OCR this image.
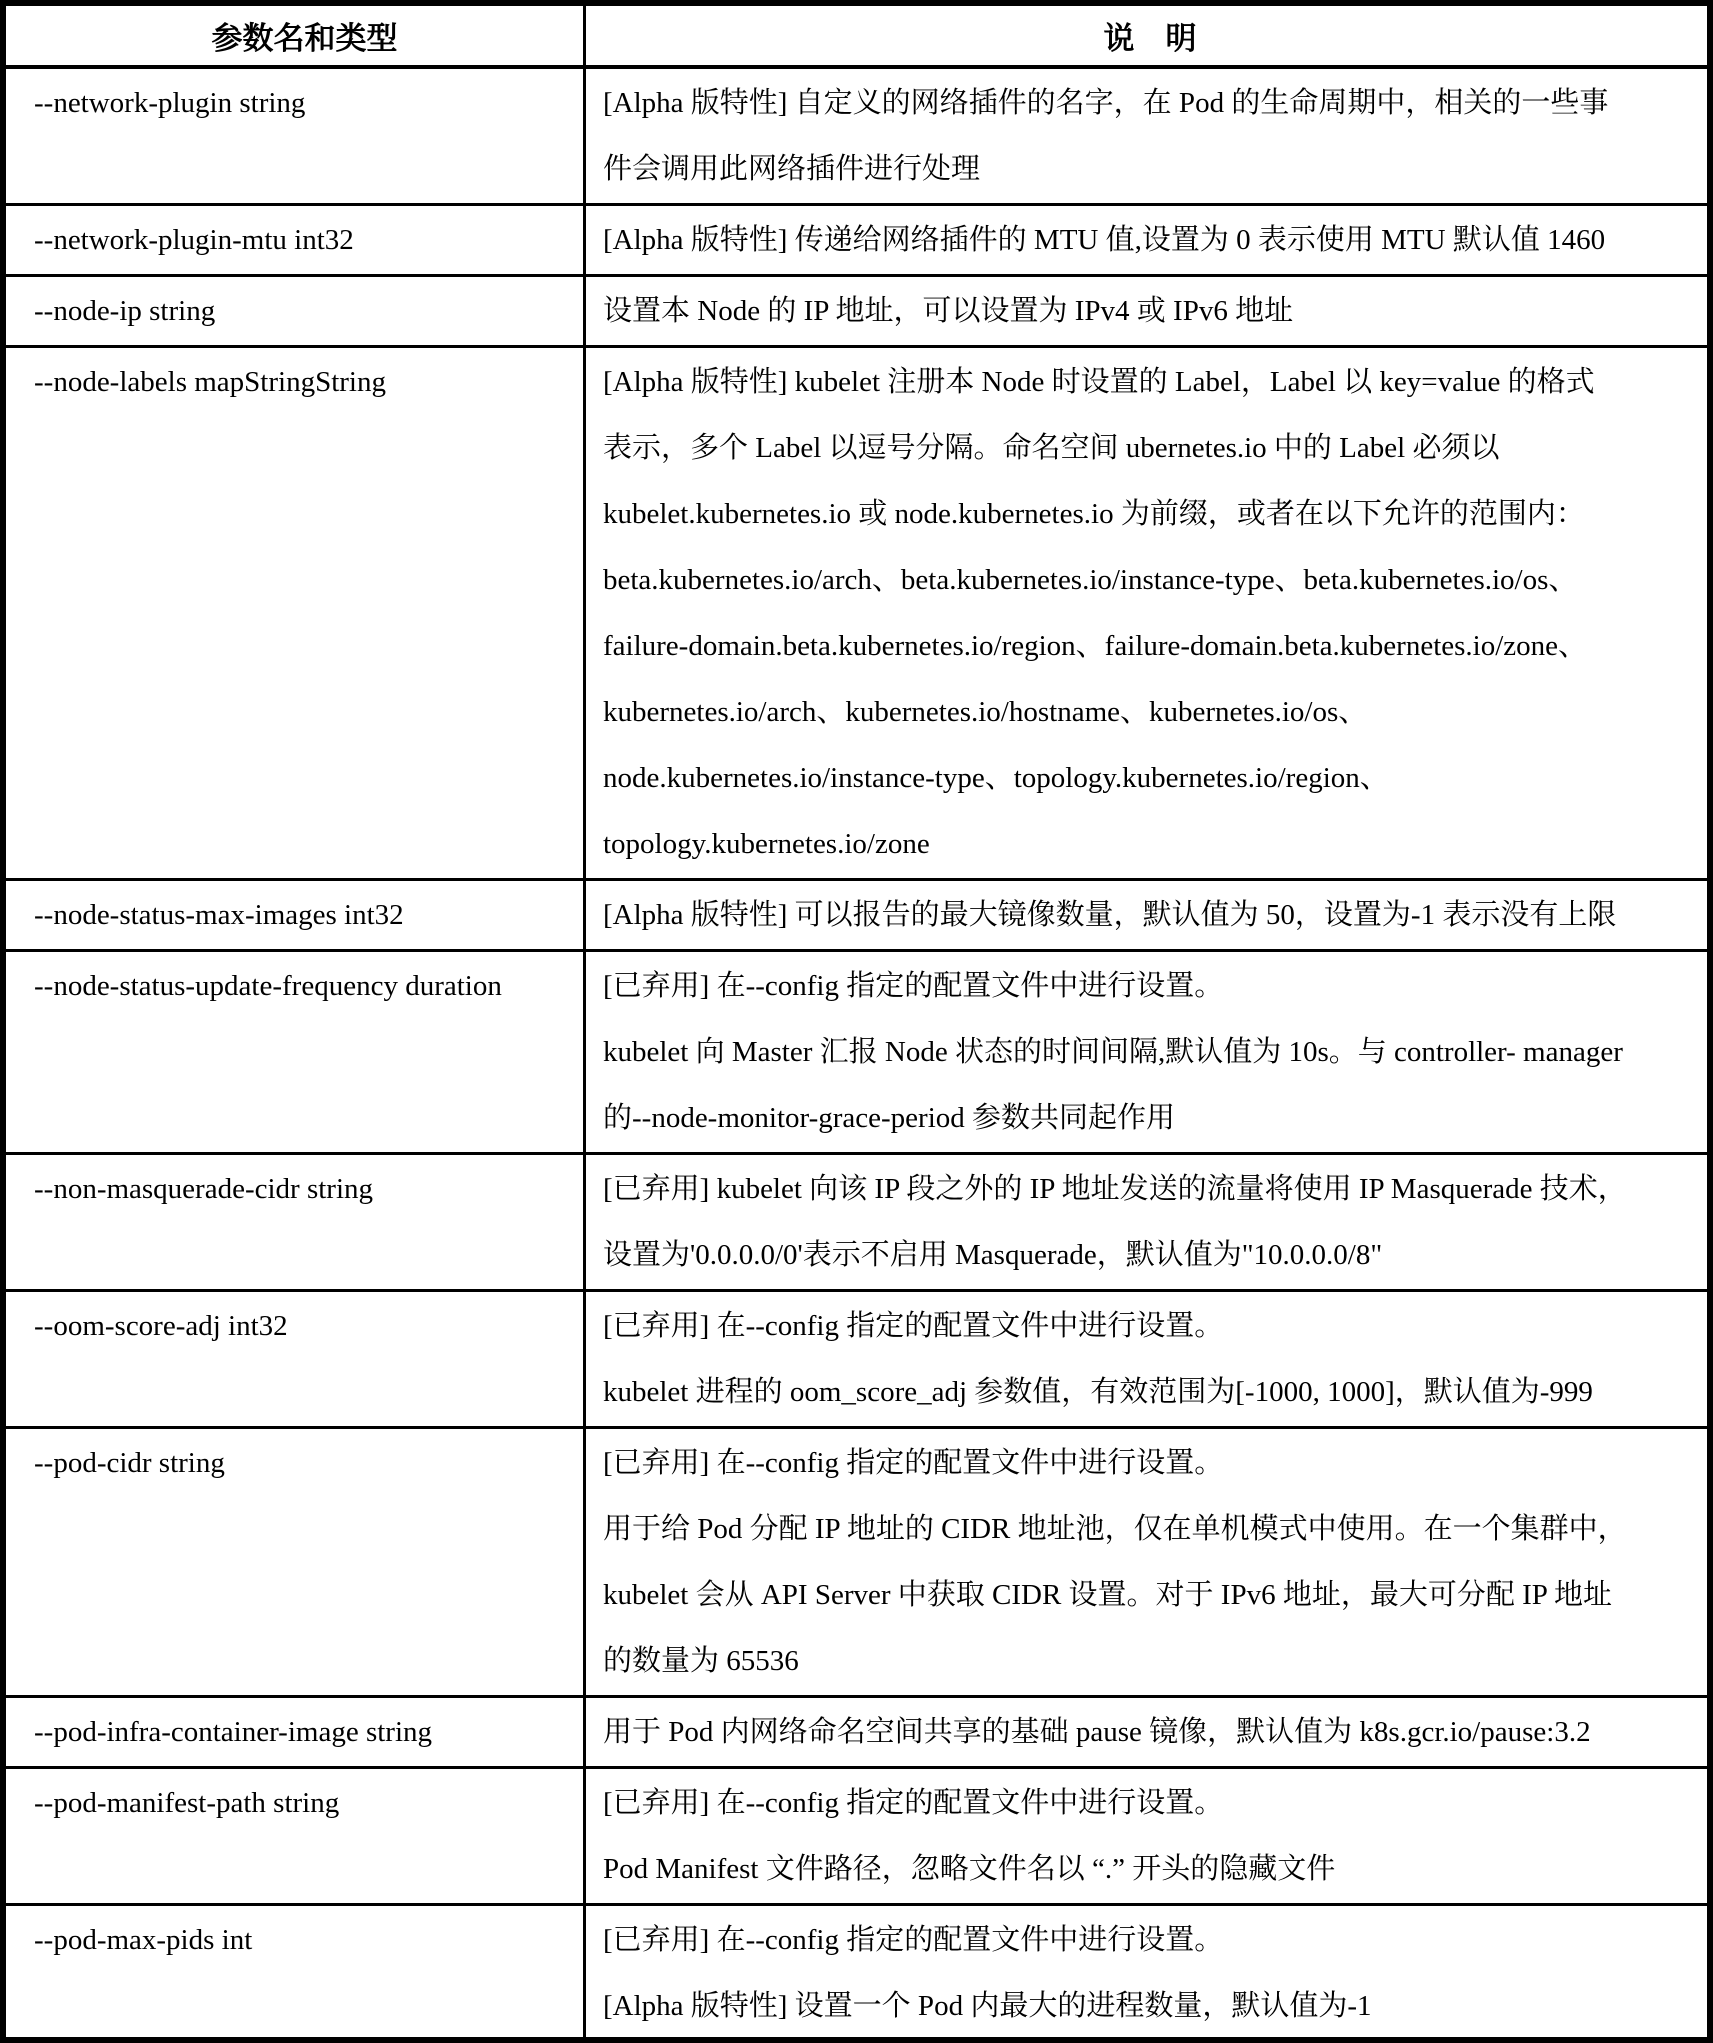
参数名和类型	说　明
--network-plugin string	[Alpha 版特性] 自定义的网络插件的名字，在 Pod 的生命周期中，相关的一些事
件会调用此网络插件进行处理
--network-plugin-mtu int32	[Alpha 版特性] 传递给网络插件的 MTU 值,设置为 0 表示使用 MTU 默认值 1460
--node-ip string	设置本 Node 的 IP 地址，可以设置为 IPv4 或 IPv6 地址
--node-labels mapStringString	[Alpha 版特性] kubelet 注册本 Node 时设置的 Label，Label 以 key=value 的格式
表示，多个 Label 以逗号分隔。命名空间 ubernetes.io 中的 Label 必须以
kubelet.kubernetes.io 或 node.kubernetes.io 为前缀，或者在以下允许的范围内：
beta.kubernetes.io/arch、beta.kubernetes.io/instance-type、beta.kubernetes.io/os、
failure-domain.beta.kubernetes.io/region、failure-domain.beta.kubernetes.io/zone、
kubernetes.io/arch、kubernetes.io/hostname、kubernetes.io/os、
node.kubernetes.io/instance-type、topology.kubernetes.io/region、
topology.kubernetes.io/zone
--node-status-max-images int32	[Alpha 版特性] 可以报告的最大镜像数量，默认值为 50，设置为-1 表示没有上限
--node-status-update-frequency duration	[已弃用] 在--config 指定的配置文件中进行设置。
kubelet 向 Master 汇报 Node 状态的时间间隔,默认值为 10s。与 controller- manager
的--node-monitor-grace-period 参数共同起作用
--non-masquerade-cidr string	[已弃用] kubelet 向该 IP 段之外的 IP 地址发送的流量将使用 IP Masquerade 技术，
设置为'0.0.0.0/0'表示不启用 Masquerade，默认值为"10.0.0.0/8"
--oom-score-adj int32	[已弃用] 在--config 指定的配置文件中进行设置。
kubelet 进程的 oom_score_adj 参数值，有效范围为[-1000, 1000]，默认值为-999
--pod-cidr string	[已弃用] 在--config 指定的配置文件中进行设置。
用于给 Pod 分配 IP 地址的 CIDR 地址池，仅在单机模式中使用。在一个集群中，
kubelet 会从 API Server 中获取 CIDR 设置。对于 IPv6 地址，最大可分配 IP 地址
的数量为 65536
--pod-infra-container-image string	用于 Pod 内网络命名空间共享的基础 pause 镜像，默认值为 k8s.gcr.io/pause:3.2
--pod-manifest-path string	[已弃用] 在--config 指定的配置文件中进行设置。
Pod Manifest 文件路径，忽略文件名以 “.” 开头的隐藏文件
--pod-max-pids int	[已弃用] 在--config 指定的配置文件中进行设置。
[Alpha 版特性] 设置一个 Pod 内最大的进程数量，默认值为-1
